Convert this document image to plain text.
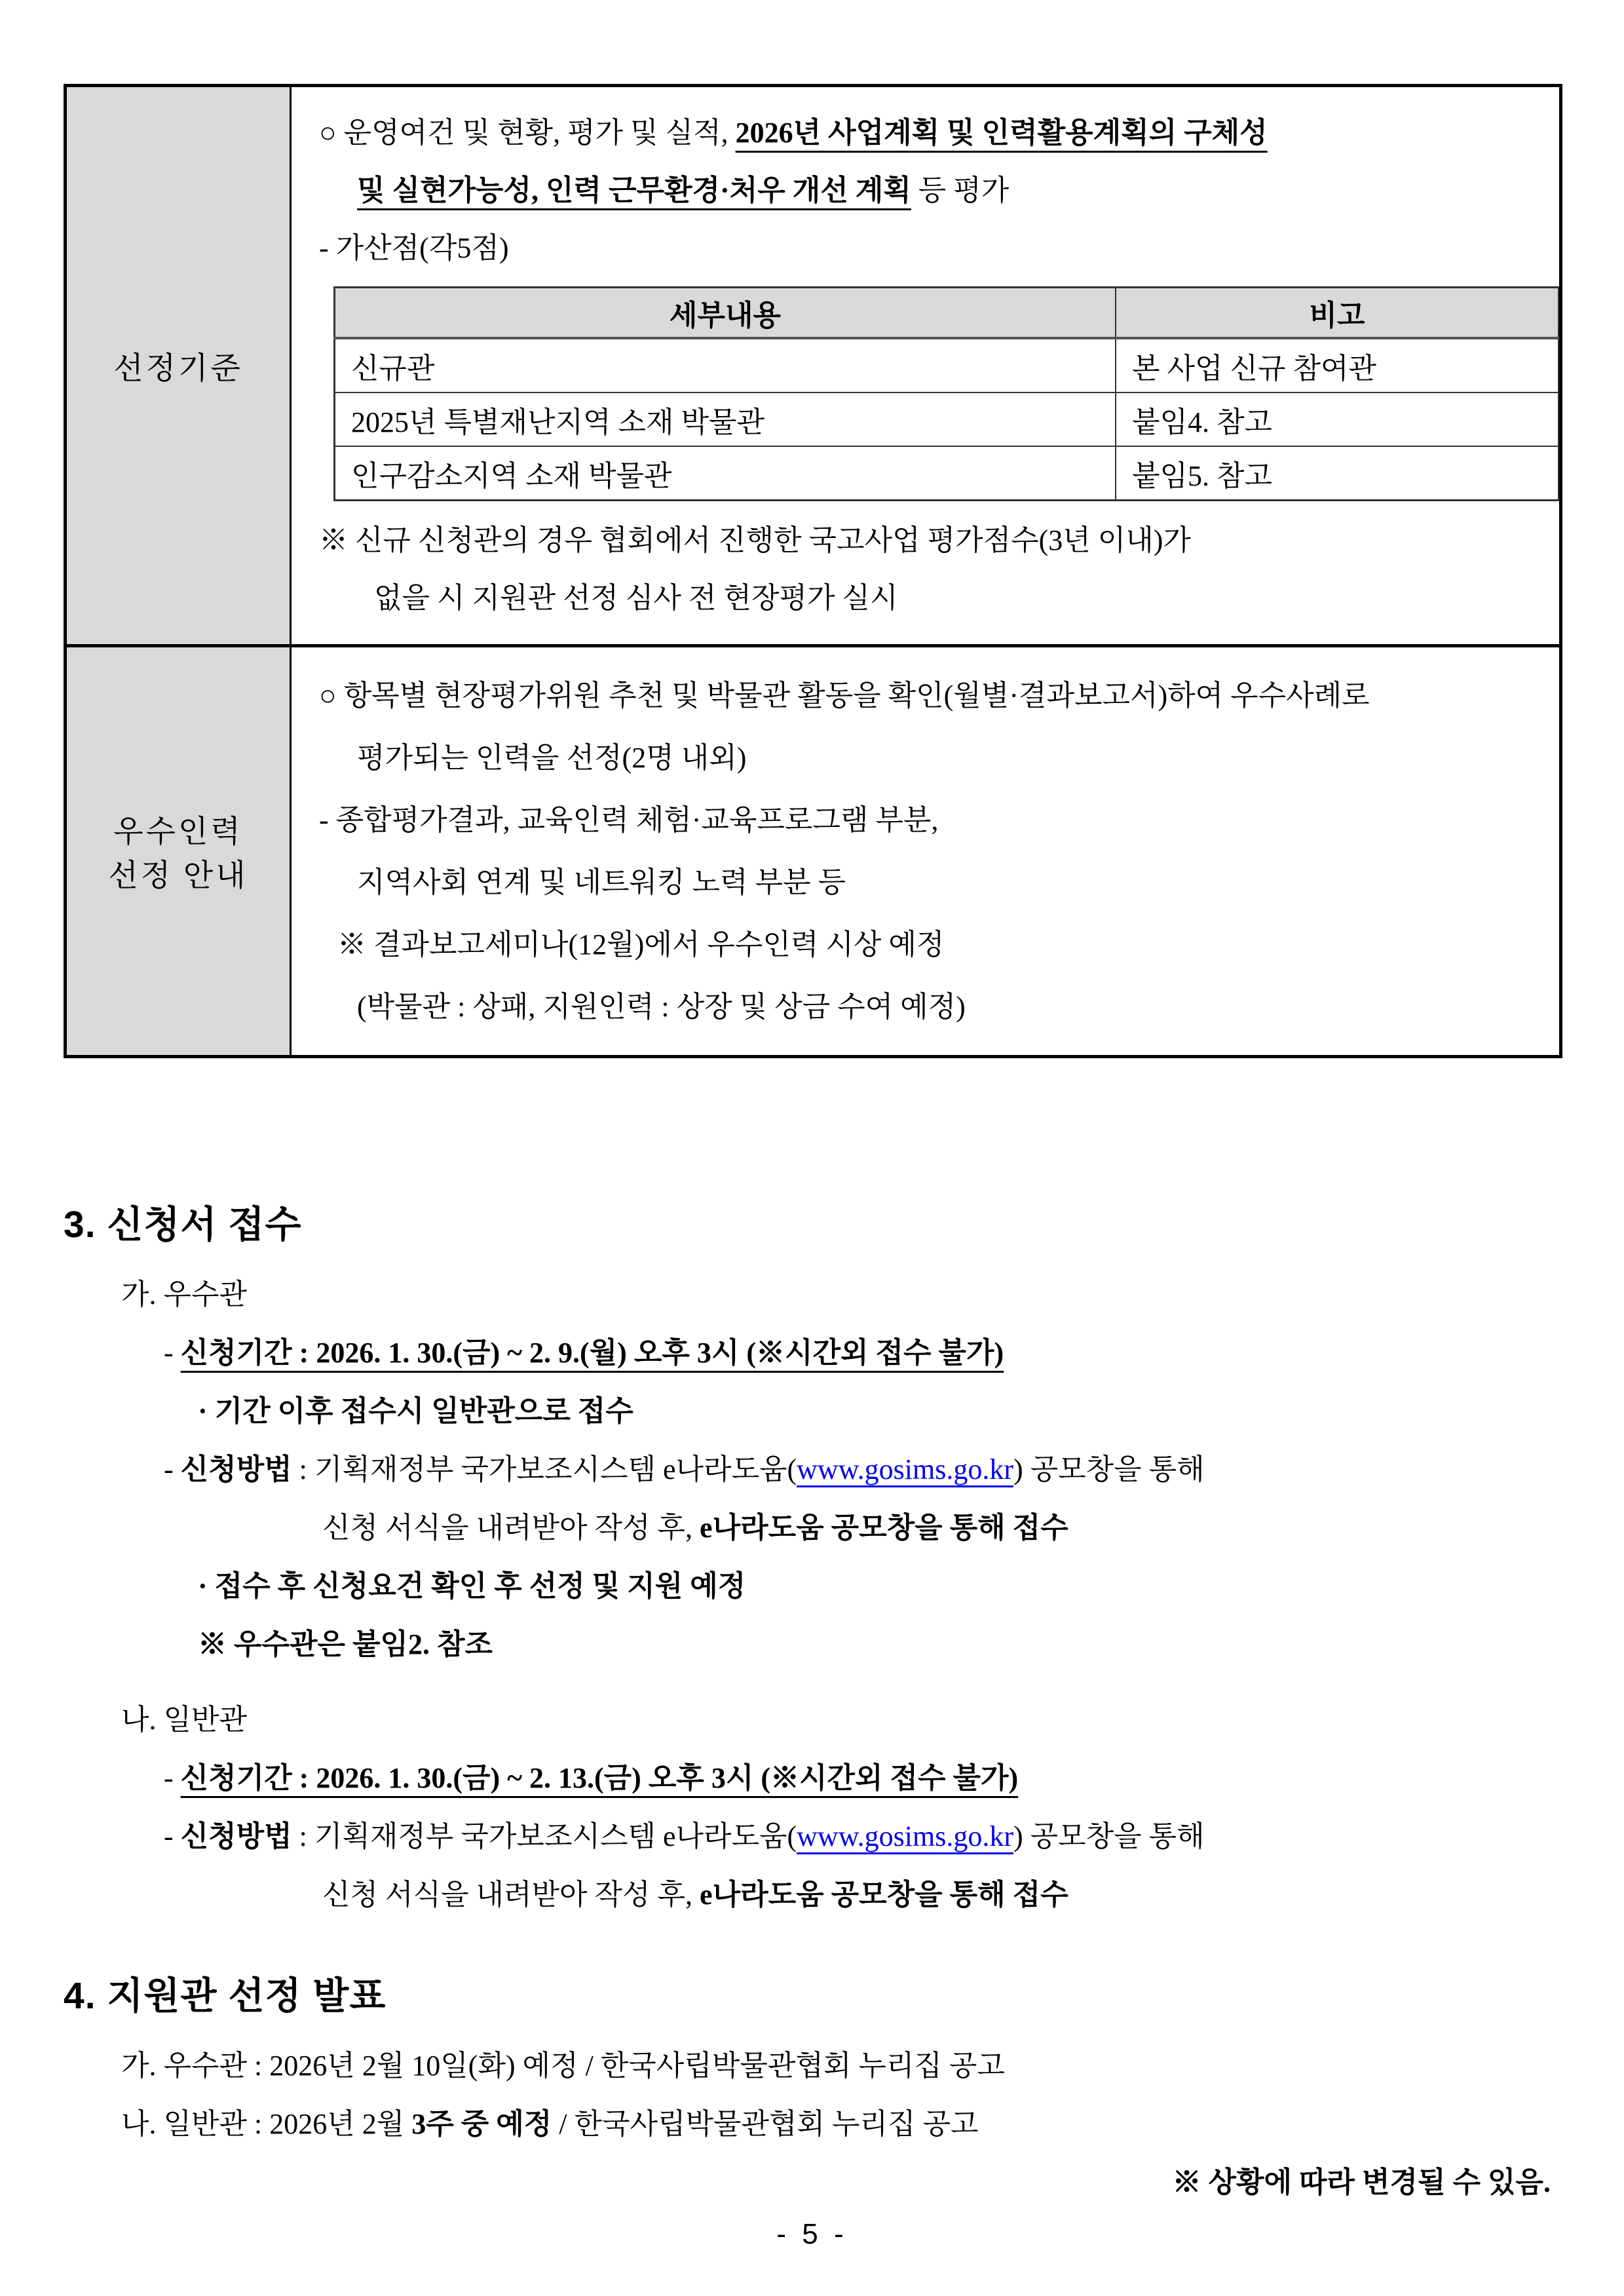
선정기준	
○ 운영여건 및 현황, 평가 및 실적, 2026년 사업계획 및 인력활용계획의 구체성
및 실현가능성, 인력 근무환경·처우 개선 계획 등 평가
- 가산점(각5점)
세부내용	비고
신규관	본 사업 신규 참여관
2025년 특별재난지역 소재 박물관	붙임4. 참고
인구감소지역 소재 박물관	붙임5. 참고
※ 신규 신청관의 경우 협회에서 진행한 국고사업 평가점수(3년 이내)가
없을 시 지원관 선정 심사 전 현장평가 실시

우수인력
선정 안내

○ 항목별 현장평가위원 추천 및 박물관 활동을 확인(월별·결과보고서)하여 우수사례로
평가되는 인력을 선정(2명 내외)
- 종합평가결과, 교육인력 체험·교육프로그램 부분,
지역사회 연계 및 네트워킹 노력 부분 등
※ 결과보고세미나(12월)에서 우수인력 시상 예정
(박물관 : 상패, 지원인력 : 상장 및 상금 수여 예정)
3. 신청서 접수
가. 우수관
- 신청기간 : 2026. 1. 30.(금) ~ 2. 9.(월) 오후 3시 (※시간외 접수 불가)
· 기간 이후 접수시 일반관으로 접수
- 신청방법 : 기획재정부 국가보조시스템 e나라도움(www.gosims.go.kr) 공모창을 통해
신청 서식을 내려받아 작성 후, e나라도움 공모창을 통해 접수
· 접수 후 신청요건 확인 후 선정 및 지원 예정
※ 우수관은 붙임2. 참조
나. 일반관
- 신청기간 : 2026. 1. 30.(금) ~ 2. 13.(금) 오후 3시 (※시간외 접수 불가)
- 신청방법 : 기획재정부 국가보조시스템 e나라도움(www.gosims.go.kr) 공모창을 통해
신청 서식을 내려받아 작성 후, e나라도움 공모창을 통해 접수
4. 지원관 선정 발표
가. 우수관 : 2026년 2월 10일(화) 예정 / 한국사립박물관협회 누리집 공고
나. 일반관 : 2026년 2월 3주 중 예정 / 한국사립박물관협회 누리집 공고
※ 상황에 따라 변경될 수 있음.
- 5 -
